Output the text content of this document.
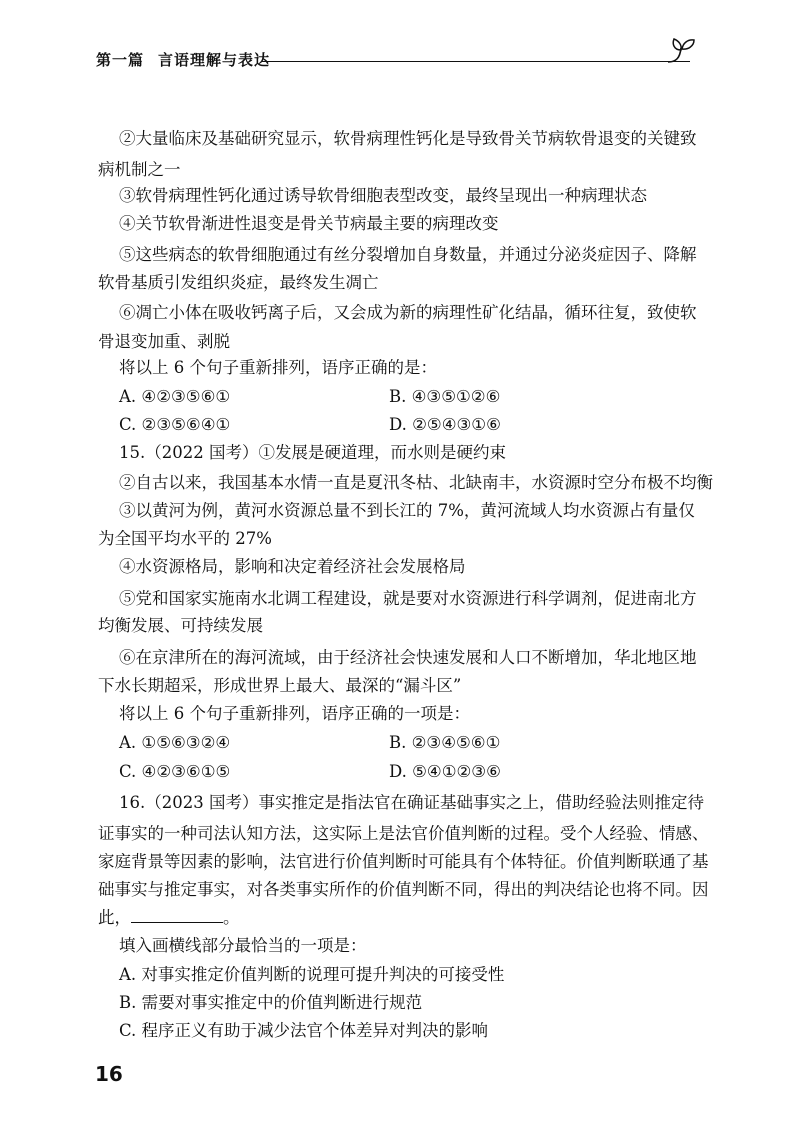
第一篇 言语理解与表达
②大量临床及基础研究显示，软骨病理性钙化是导致骨关节病软骨退变的关键致
病机制之一
③软骨病理性钙化通过诱导软骨细胞表型改变，最终呈现出一种病理状态
④关节软骨渐进性退变是骨关节病最主要的病理改变
⑤这些病态的软骨细胞通过有丝分裂增加自身数量，并通过分泌炎症因子、降解
软骨基质引发组织炎症，最终发生凋亡
⑥凋亡小体在吸收钙离子后，又会成为新的病理性矿化结晶，循环往复，致使软
骨退变加重、剥脱
将以上 6 个句子重新排列，语序正确的是：
A. ④②③⑤⑥①	B. ④③⑤①②⑥
C. ②③⑤⑥④①	D. ②⑤④③①⑥
15.（2022 国考）①发展是硬道理，而水则是硬约束
②自古以来，我国基本水情一直是夏汛冬枯、北缺南丰，水资源时空分布极不均衡
③以黄河为例，黄河水资源总量不到长江的 7%，黄河流域人均水资源占有量仅
为全国平均水平的 27%
④水资源格局，影响和决定着经济社会发展格局
⑤党和国家实施南水北调工程建设，就是要对水资源进行科学调剂，促进南北方
均衡发展、可持续发展
⑥在京津所在的海河流域，由于经济社会快速发展和人口不断增加，华北地区地
下水长期超采，形成世界上最大、最深的“漏斗区”
将以上 6 个句子重新排列，语序正确的一项是：
A. ①⑤⑥③②④	B. ②③④⑤⑥①
C. ④②③⑥①⑤	D. ⑤④①②③⑥
16.（2023 国考）事实推定是指法官在确证基础事实之上，借助经验法则推定待
证事实的一种司法认知方法，这实际上是法官价值判断的过程。受个人经验、情感、
家庭背景等因素的影响，法官进行价值判断时可能具有个体特征。价值判断联通了基
础事实与推定事实，对各类事实所作的价值判断不同，得出的判决结论也将不同。因
此，	。
填入画横线部分最恰当的一项是：
A. 对事实推定价值判断的说理可提升判决的可接受性
B. 需要对事实推定中的价值判断进行规范
C. 程序正义有助于减少法官个体差异对判决的影响
16
